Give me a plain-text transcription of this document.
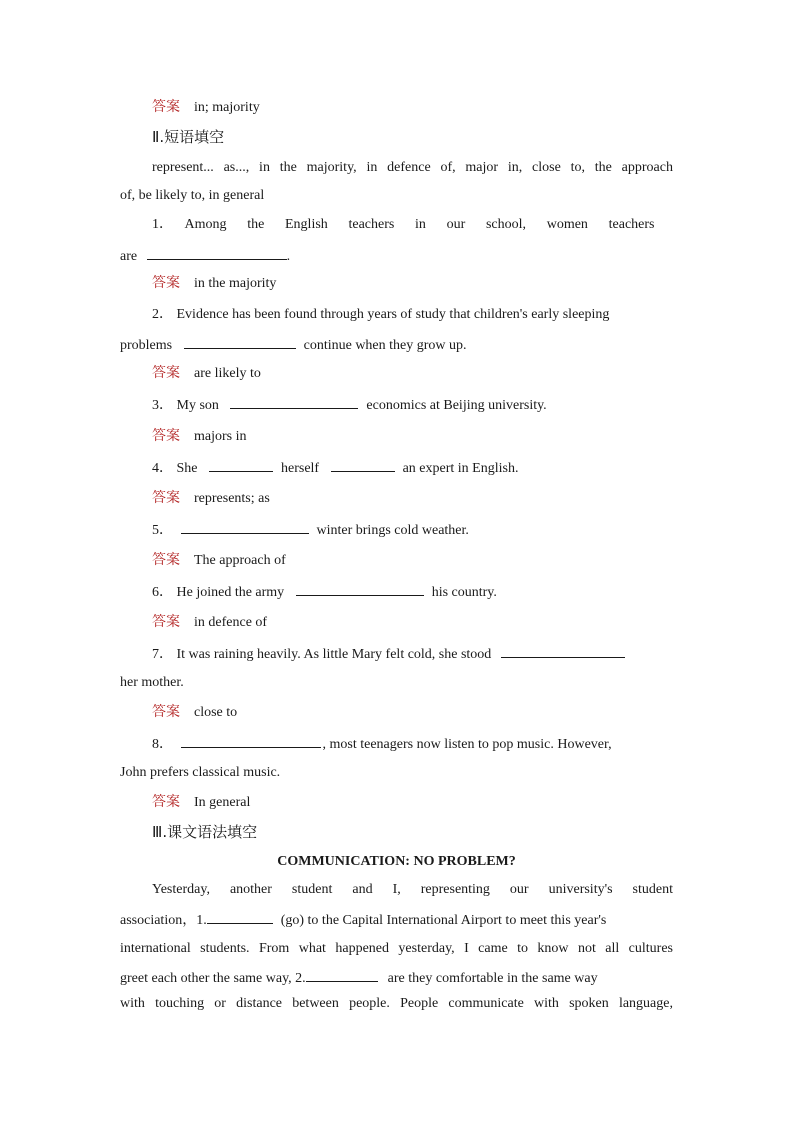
答案 in; majority
Ⅱ.短语填空
represent... as..., in the majority, in defence of, major in, close to, the approach
of, be likely to, in general
1． Among the English teachers in our school, women teachers
are	.
答案 in the majority
2． Evidence has been found through years of study that children's early sleeping
problems	continue when they grow up.
答案 are likely to
3． My son	economics at Beijing university.
答案 majors in
4． She	herself	an expert in English.
答案 represents; as
5．	winter brings cold weather.
答案 The approach of
6． He joined the army	his country.
答案 in defence of
7． It was raining heavily. As little Mary felt cold, she stood
her mother.
答案 close to
8．	, most teenagers now listen to pop music. However,
John prefers classical music.
答案 In general
Ⅲ.课文语法填空
COMMUNICATION: NO PROBLEM?
Yesterday, another student and I, representing our university's student
association，1.	(go) to the Capital International Airport to meet this year's
international students. From what happened yesterday, I came to know not all cultures
greet each other the same way, 2.	are they comfortable in the same way
with touching or distance between people. People communicate with spoken language,
